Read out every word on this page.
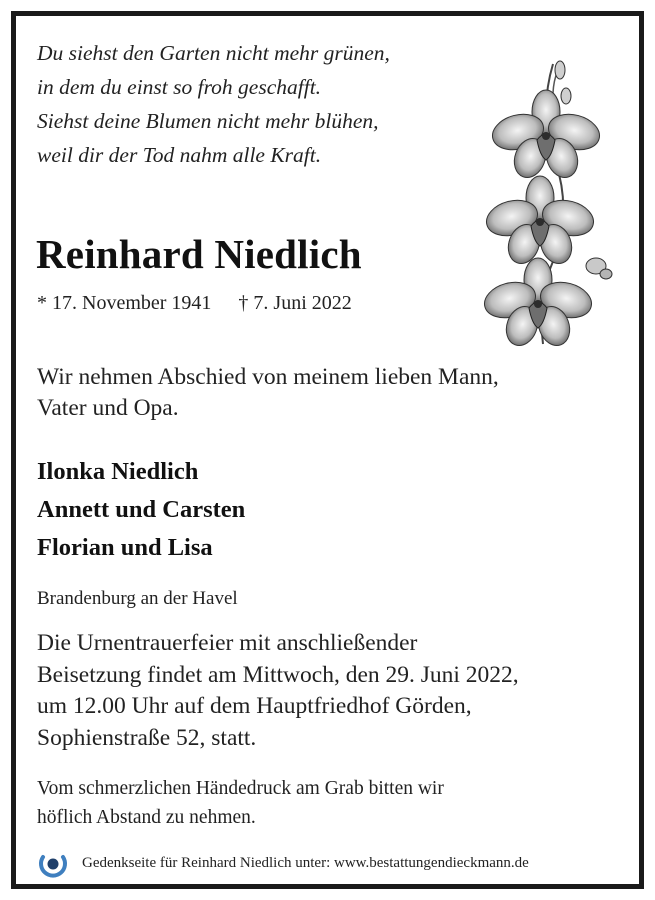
Du siehst den Garten nicht mehr grünen,
in dem du einst so froh geschafft.
Siehst deine Blumen nicht mehr blühen,
weil dir der Tod nahm alle Kraft.
Reinhard Niedlich
* 17. November 1941 † 7. Juni 2022
Wir nehmen Abschied von meinem lieben Mann,
Vater und Opa.
Ilonka Niedlich
Annett und Carsten
Florian und Lisa
Brandenburg an der Havel
Die Urnentrauerfeier mit anschließender
Beisetzung findet am Mittwoch, den 29. Juni 2022,
um 12.00 Uhr auf dem Hauptfriedhof Görden,
Sophienstraße 52, statt.
Vom schmerzlichen Händedruck am Grab bitten wir
höflich Abstand zu nehmen.
Gedenkseite für Reinhard Niedlich unter: www.bestattungendieckmann.de
